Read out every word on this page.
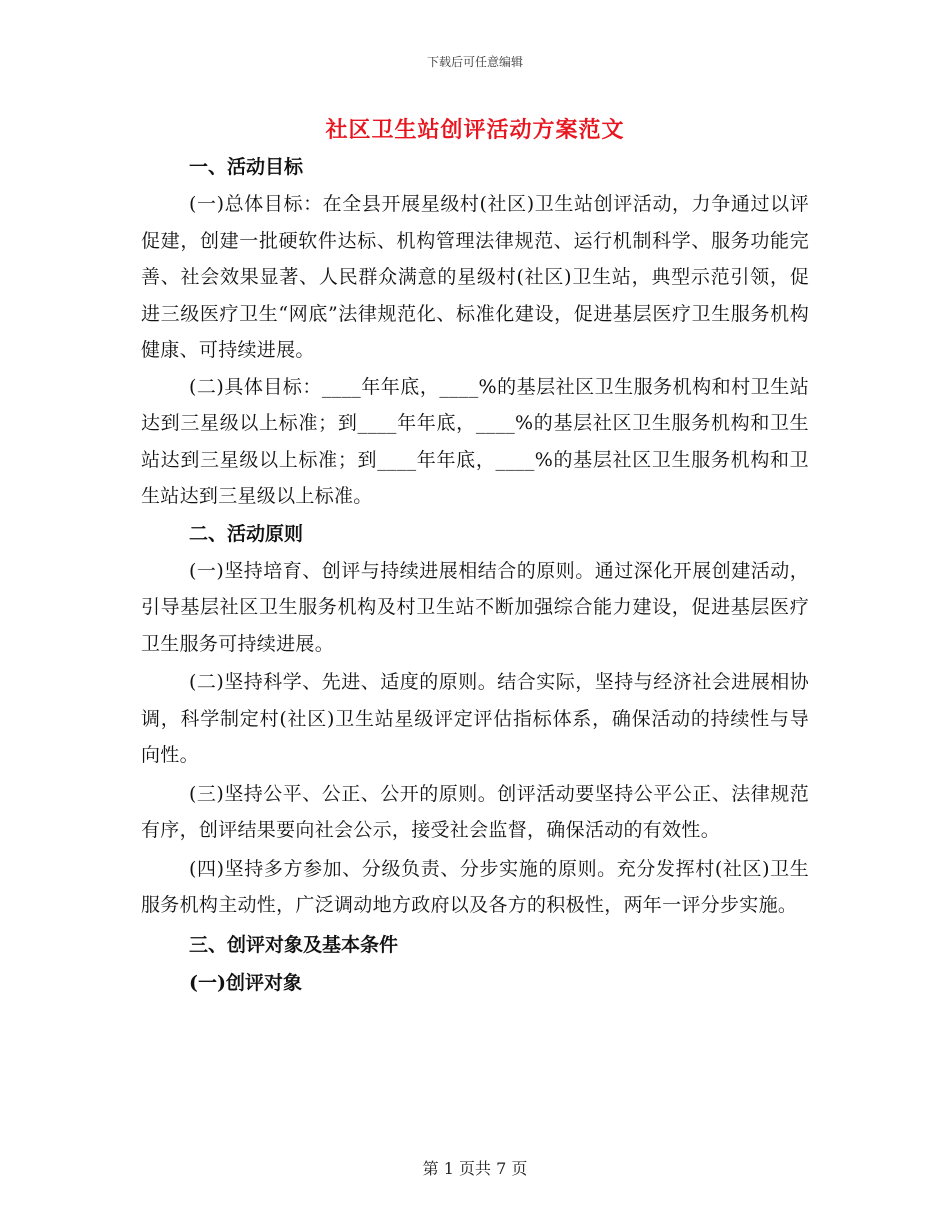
下载后可任意编辑
社区卫生站创评活动方案范文
一、活动目标

(一)总体目标：在全县开展星级村(社区)卫生站创评活动，力争通过以评促建，创建一批硬软件达标、机构管理法律规范、运行机制科学、服务功能完善、社会效果显著、人民群众满意的星级村(社区)卫生站，典型示范引领，促进三级医疗卫生“网底”法律规范化、标准化建设，促进基层医疗卫生服务机构健康、可持续进展。

(二)具体目标：____年年底，____%的基层社区卫生服务机构和村卫生站达到三星级以上标准；到____年年底，____%的基层社区卫生服务机构和卫生站达到三星级以上标准；到____年年底，____%的基层社区卫生服务机构和卫生站达到三星级以上标准。

二、活动原则

(一)坚持培育、创评与持续进展相结合的原则。通过深化开展创建活动，引导基层社区卫生服务机构及村卫生站不断加强综合能力建设，促进基层医疗卫生服务可持续进展。

(二)坚持科学、先进、适度的原则。结合实际，坚持与经济社会进展相协调，科学制定村(社区)卫生站星级评定评估指标体系，确保活动的持续性与导向性。

(三)坚持公平、公正、公开的原则。创评活动要坚持公平公正、法律规范有序，创评结果要向社会公示，接受社会监督，确保活动的有效性。

(四)坚持多方参加、分级负责、分步实施的原则。充分发挥村(社区)卫生服务机构主动性，广泛调动地方政府以及各方的积极性，两年一评分步实施。

三、创评对象及基本条件
(一)创评对象
第 1 页共 7 页
